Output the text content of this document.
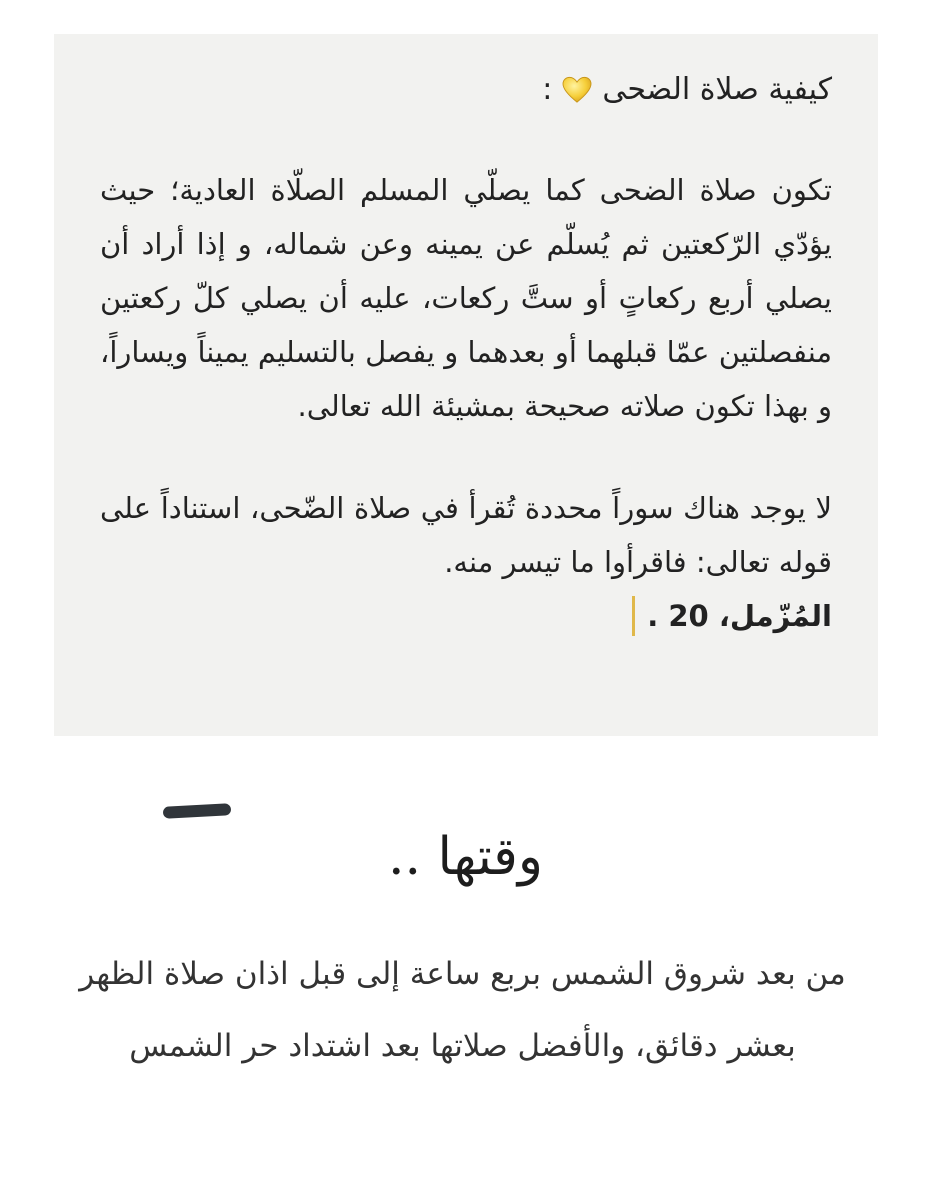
كيفية صلاة الضحى
:

تكون صلاة الضحى كما يصلّي المسلم الصلّاة العادية؛ حيث يؤدّي الرّكعتين ثم يُسلّم عن يمينه وعن شماله، و إذا أراد أن يصلي أربع ركعاتٍ أو ستَّ ركعات، عليه أن يصلي كلّ ركعتين منفصلتين عمّا قبلهما أو بعدهما و يفصل بالتسليم يميناً ويساراً، و بهذا تكون صلاته صحيحة بمشيئة الله تعالى.

لا يوجد هناك سوراً محددة تُقرأ في صلاة الضّحى، استناداً على قوله تعالى: فاقرأوا ما تيسر منه.

المُزّمل، 20 .
وقتها ..

من بعد شروق الشمس بربع ساعة إلى قبل اذان صلاة الظهر بعشر دقائق، والأفضل صلاتها بعد اشتداد حر الشمس
